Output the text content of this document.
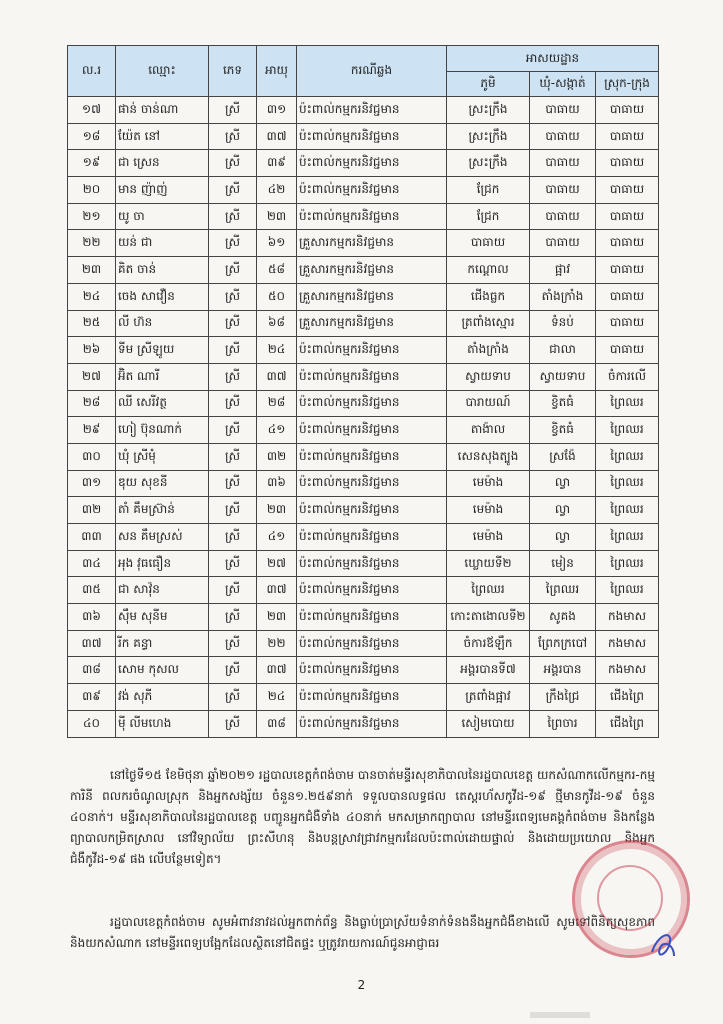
ល.រ	ឈ្មោះ	ភេទ	អាយុ	ករណីឆ្លង	អាសយដ្ឋាន		
					ភូមិ	ឃុំ-សង្កាត់	ស្រុក-ក្រុង
១៧	ផាន់ ចាន់ណា	ស្រី	៣១	ប៉ះពាល់កម្មករនិវជ្ជមាន	ស្រះក្រឹង	បាធាយ	បាធាយ
១៨	យ៉ែត នៅ	ស្រី	៣៧	ប៉ះពាល់កម្មករនិវជ្ជមាន	ស្រះក្រឹង	បាធាយ	បាធាយ
១៩	ជា ស្រេន	ស្រី	៣៩	ប៉ះពាល់កម្មករនិវជ្ជមាន	ស្រះក្រឹង	បាធាយ	បាធាយ
២០	មាន ញ៉ាញ់	ស្រី	៤២	ប៉ះពាល់កម្មករនិវជ្ជមាន	ជ្រែក	បាធាយ	បាធាយ
២១	យូ ចា	ស្រី	២៣	ប៉ះពាល់កម្មករនិវជ្ជមាន	ជ្រែក	បាធាយ	បាធាយ
២២	យន់ ជា	ស្រី	៦១	គ្រួសារកម្មករនិវជ្ជមាន	បាធាយ	បាធាយ	បាធាយ
២៣	គិត ចាន់	ស្រី	៥៨	គ្រួសារកម្មករនិវជ្ជមាន	កណ្តោល	ផ្អាវ	បាធាយ
២៤	ចេង សាវឿន	ស្រី	៥០	គ្រួសារកម្មករនិវជ្ជមាន	ជើងធ្លក	តាំងក្រាំង	បាធាយ
២៥	លី ហ៊ន	ស្រី	៦៨	គ្រួសារកម្មករនិវជ្ជមាន	ត្រពាំងស្មោរ	ទំនប់	បាធាយ
២៦	ទីម ស្រីឡូយ	ស្រី	២៤	ប៉ះពាល់កម្មករនិវជ្ជមាន	តាំងក្រាំង	ជាលា	បាធាយ
២៧	អ៊ិត ណារី	ស្រី	៣៧	ប៉ះពាល់កម្មករនិវជ្ជមាន	ស្វាយទាប	ស្វាយទាប	ចំការលើ
២៨	ឈី សេរីវត្ថ	ស្រី	២៨	ប៉ះពាល់កម្មករនិវជ្ជមាន	បារាយណ៍	ខ្វិតធំ	ព្រៃឈរ
២៩	ហៀ ប៊ុនណាក់	ស្រី	៤១	ប៉ះពាល់កម្មករនិវជ្ជមាន	តាង៉ាល	ខ្វិតធំ	ព្រៃឈរ
៣០	ឃុំ ស្រីមុំ	ស្រី	៣២	ប៉ះពាល់កម្មករនិវជ្ជមាន	សេនសុងត្បូង	ស្រង៉ែ	ព្រៃឈរ
៣១	ឌុយ សុខនី	ស្រី	៣៦	ប៉ះពាល់កម្មករនិវជ្ជមាន	មេម៉ាង	ល្វា	ព្រៃឈរ
៣២	តាំ គឹមស្រ៊ាន់	ស្រី	២៣	ប៉ះពាល់កម្មករនិវជ្ជមាន	មេម៉ាង	ល្វា	ព្រៃឈរ
៣៣	សន គឹមស្រស់	ស្រី	៤១	ប៉ះពាល់កម្មករនិវជ្ជមាន	មេម៉ាង	ល្វា	ព្រៃឈរ
៣៤	អុង វុធធឿន	ស្រី	២៧	ប៉ះពាល់កម្មករនិវជ្ជមាន	ឃ្លោយទី២	មៀន	ព្រៃឈរ
៣៥	ជា សាវ៉ុន	ស្រី	៣៧	ប៉ះពាល់កម្មករនិវជ្ជមាន	ព្រៃឈរ	ព្រៃឈរ	ព្រៃឈរ
៣៦	ស៊ឹម សុនីម	ស្រី	២៣	ប៉ះពាល់កម្មករនិវជ្ជមាន	កោះតាងោលទី២	សូគង	កងមាស
៣៧	រីក គន្ធា	ស្រី	២២	ប៉ះពាល់កម្មករនិវជ្ជមាន	ចំការឪឡឹក	ព្រែកក្របៅ	កងមាស
៣៨	សោម កុសល	ស្រី	៣៧	ប៉ះពាល់កម្មករនិវជ្ជមាន	អង្គរបានទី៧	អង្គរបាន	កងមាស
៣៩	វង់ សុភី	ស្រី	២៤	ប៉ះពាល់កម្មករនិវជ្ជមាន	ត្រពាំងផ្អាវ	ក្រឹងជ្រៃ	ជើងព្រៃ
៤០	ម៉ី លីមហេង	ស្រី	៣៨	ប៉ះពាល់កម្មករនិវជ្ជមាន	សៀមបោយ	ព្រៃចារ	ជើងព្រៃ
នៅថ្ងៃទី១៥ ខែមិថុនា ឆ្នាំ២០២១ រដ្ឋបាលខេត្តកំពង់ចាម បានចាត់មន្ទីរសុខាភិបាលនៃរដ្ឋបាលខេត្ត យកសំណាកលើកម្មករ-កម្មការិនី ពលករចំណូលស្រុក និងអ្នកសង្ស័យ ចំនួន១.២៥៩នាក់ ទទួលបានលទ្ធផល តេស្តរហ័សកូវីដ-១៩ ថ្មីមានកូវីដ-១៩ ចំនួន ៤០នាក់។ មន្ទីរសុខាភិបាលនៃរដ្ឋបាលខេត្ត បញ្ជូនអ្នកជំងឺទាំង ៤០នាក់ មកសម្រាកព្យាបាល នៅមន្ទីរពេទ្យមេគង្គកំពង់ចាម និងកន្លែងព្យាបាលកម្រិតស្រាល នៅវិទ្យាល័យ ព្រះសីហនុ និងបន្តស្រាវជ្រាវកម្មករដែលប៉ះពាល់ដោយផ្ទាល់ និងដោយប្រយោល និងអ្នកជំងឺកូវីដ-១៩ ផង លើបន្ថែមទៀត។
រដ្ឋបាលខេត្តកំពង់ចាម សូមអំពាវនាវដល់អ្នកពាក់ព័ន្ធ និងធ្លាប់ប្រាស្រ័យទំនាក់ទំនងនឹងអ្នកជំងឺខាងលើ សូមទៅពិនិត្យសុខភាព និងយកសំណាក នៅមន្ទីរពេទ្យបង្អែកដែលស្ថិតនៅជិតផ្ទះ ឬត្រូវរាយការណ៍ជូនអាជ្ញាធរ
2
